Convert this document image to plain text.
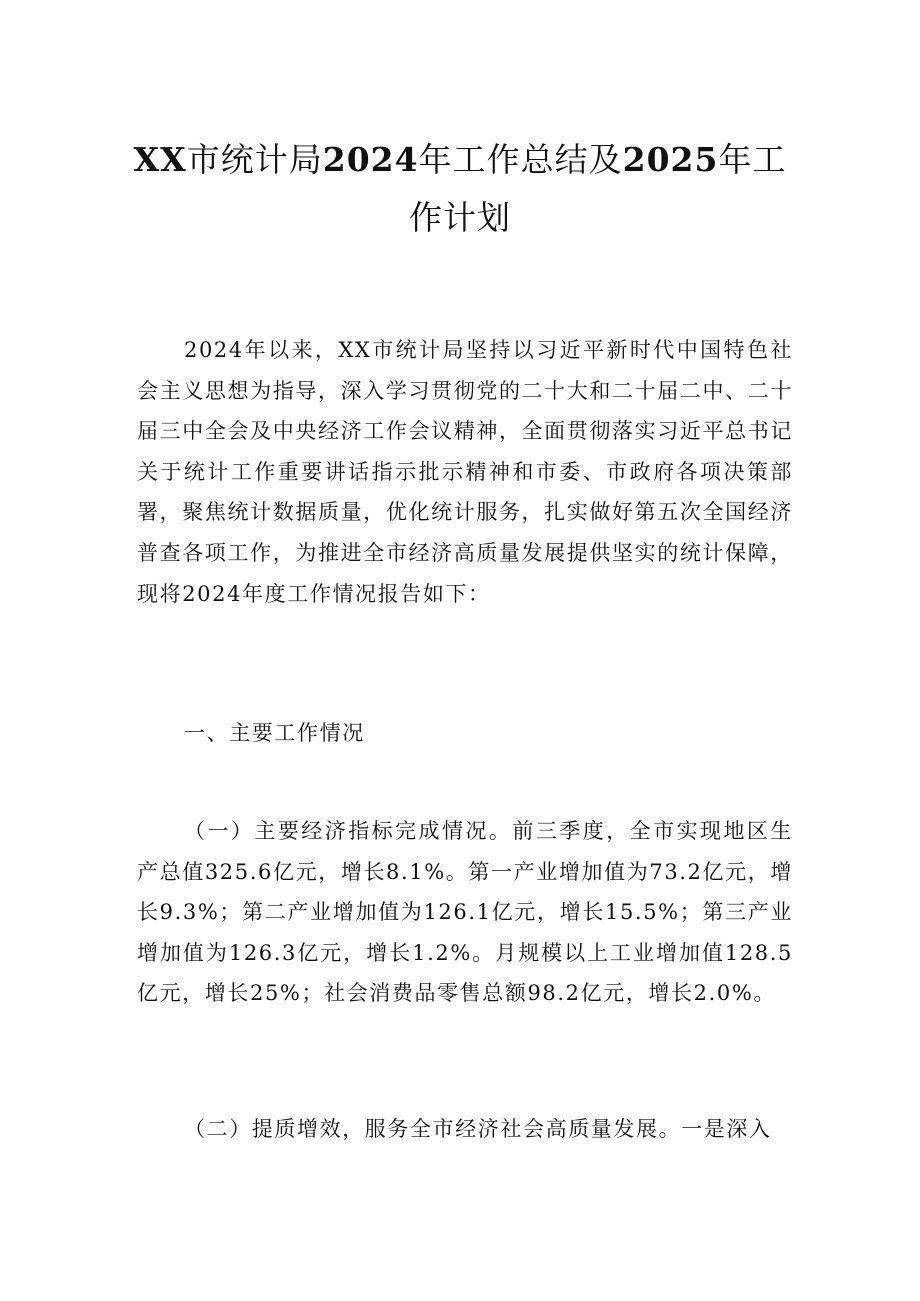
XX市统计局2024年工作总结及2025年工
作计划

2024年以来，XX市统计局坚持以习近平新时代中国特色社会主义思想为指导，深入学习贯彻党的二十大和二十届二中、二十届三中全会及中央经济工作会议精神，全面贯彻落实习近平总书记关于统计工作重要讲话指示批示精神和市委、市政府各项决策部署，聚焦统计数据质量，优化统计服务，扎实做好第五次全国经济普查各项工作，为推进全市经济高质量发展提供坚实的统计保障，现将2024年度工作情况报告如下：

一、主要工作情况

（一）主要经济指标完成情况。前三季度，全市实现地区生产总值325.6亿元，增长8.1%。第一产业增加值为73.2亿元，增长9.3%；第二产业增加值为126.1亿元，增长15.5%；第三产业增加值为126.3亿元，增长1.2%。月规模以上工业增加值128.5亿元，增长25%；社会消费品零售总额98.2亿元，增长2.0%。

（二）提质增效，服务全市经济社会高质量发展。一是深入
